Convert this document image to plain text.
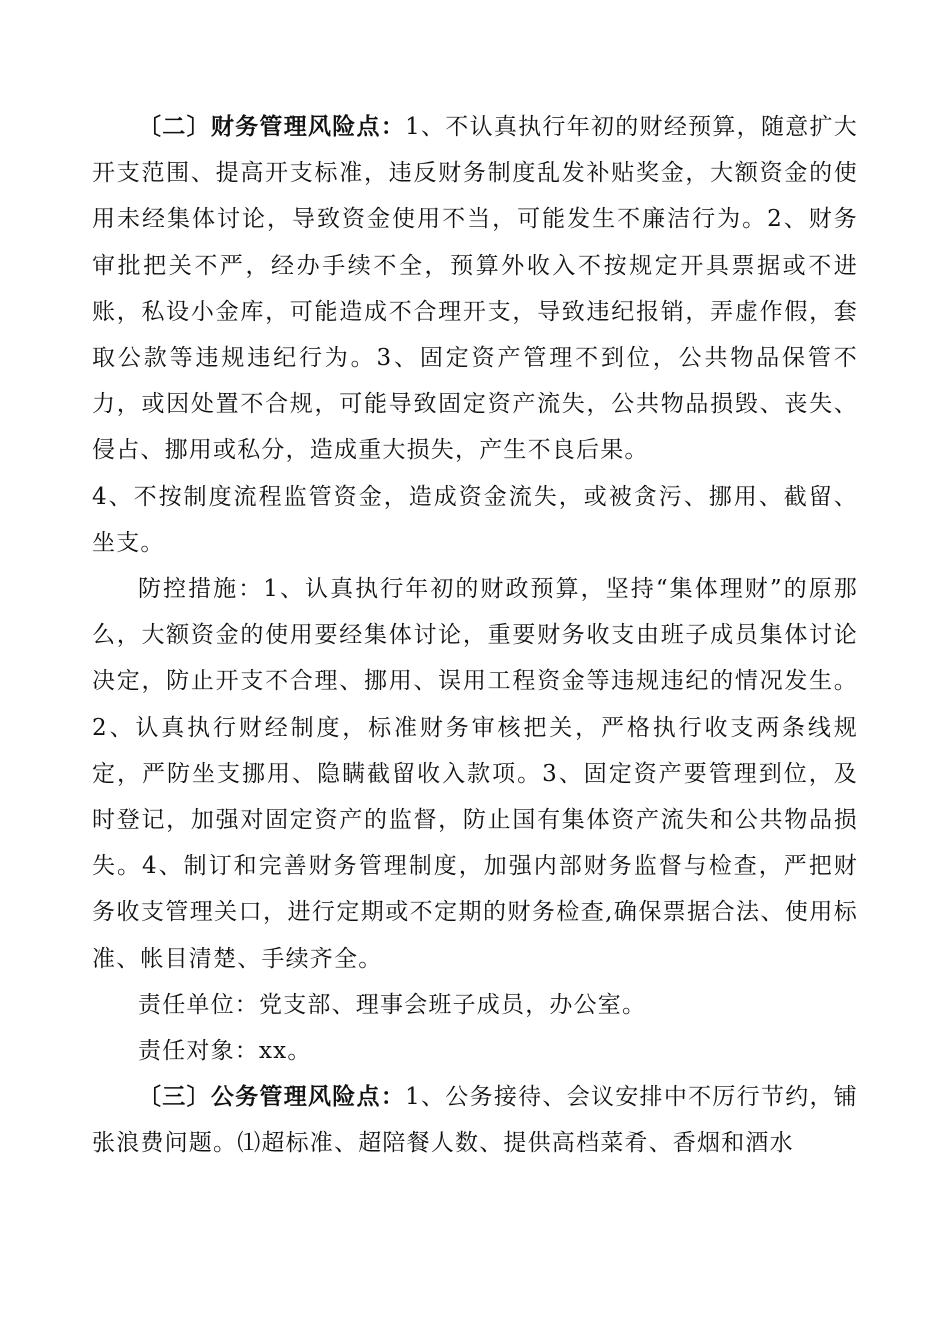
〔二〕财务管理风险点：1、不认真执行年初的财经预算，随意扩大开支范围、提高开支标准，违反财务制度乱发补贴奖金，大额资金的使用未经集体讨论，导致资金使用不当，可能发生不廉洁行为。2、财务审批把关不严，经办手续不全，预算外收入不按规定开具票据或不进账，私设小金库，可能造成不合理开支，导致违纪报销，弄虚作假，套取公款等违规违纪行为。3、固定资产管理不到位，公共物品保管不力，或因处置不合规，可能导致固定资产流失，公共物品损毁、丧失、侵占、挪用或私分，造成重大损失，产生不良后果。

4、不按制度流程监管资金，造成资金流失，或被贪污、挪用、截留、坐支。

防控措施：1、认真执行年初的财政预算，坚持“集体理财”的原那么，大额资金的使用要经集体讨论，重要财务收支由班子成员集体讨论决定，防止开支不合理、挪用、误用工程资金等违规违纪的情况发生。2、认真执行财经制度，标准财务审核把关，严格执行收支两条线规定，严防坐支挪用、隐瞒截留收入款项。3、固定资产要管理到位，及时登记，加强对固定资产的监督，防止国有集体资产流失和公共物品损失。4、制订和完善财务管理制度，加强内部财务监督与检查，严把财务收支管理关口，进行定期或不定期的财务检查,确保票据合法、使用标准、帐目清楚、手续齐全。

责任单位：党支部、理事会班子成员，办公室。

责任对象：xx。

〔三〕公务管理风险点：1、公务接待、会议安排中不厉行节约，铺张浪费问题。⑴超标准、超陪餐人数、提供高档菜肴、香烟和酒水
